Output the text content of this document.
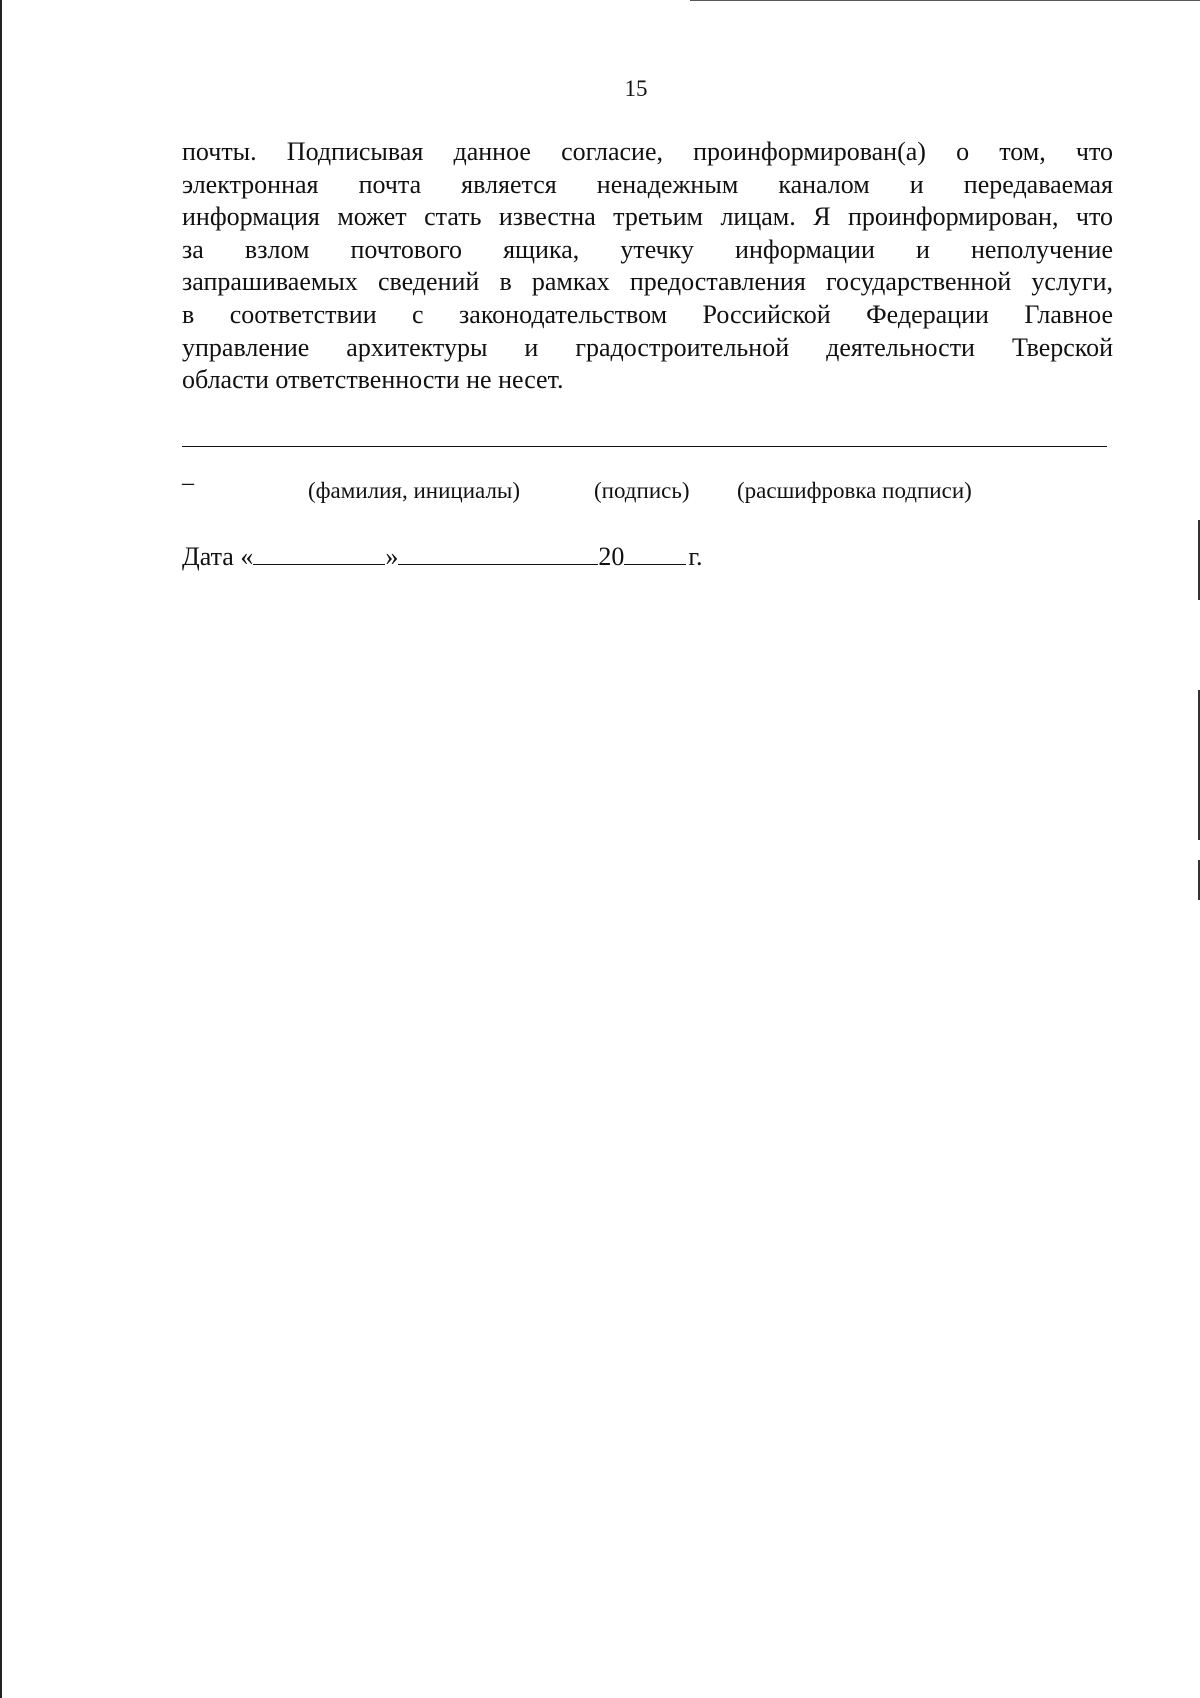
15
почты. Подписывая данное согласие, проинформирован(а) о том, что
электронная почта является ненадежным каналом и передаваемая
информация может стать известна третьим лицам. Я проинформирован, что
за взлом почтового ящика, утечку информации и неполучение
запрашиваемых сведений в рамках предоставления государственной услуги,
в соответствии с законодательством Российской Федерации Главное
управление архитектуры и градостроительной деятельности Тверской
области ответственности не несет.
_
(фамилия, инициалы)	(подпись) (расшифровка подписи)
Дата «	»	20 г.
